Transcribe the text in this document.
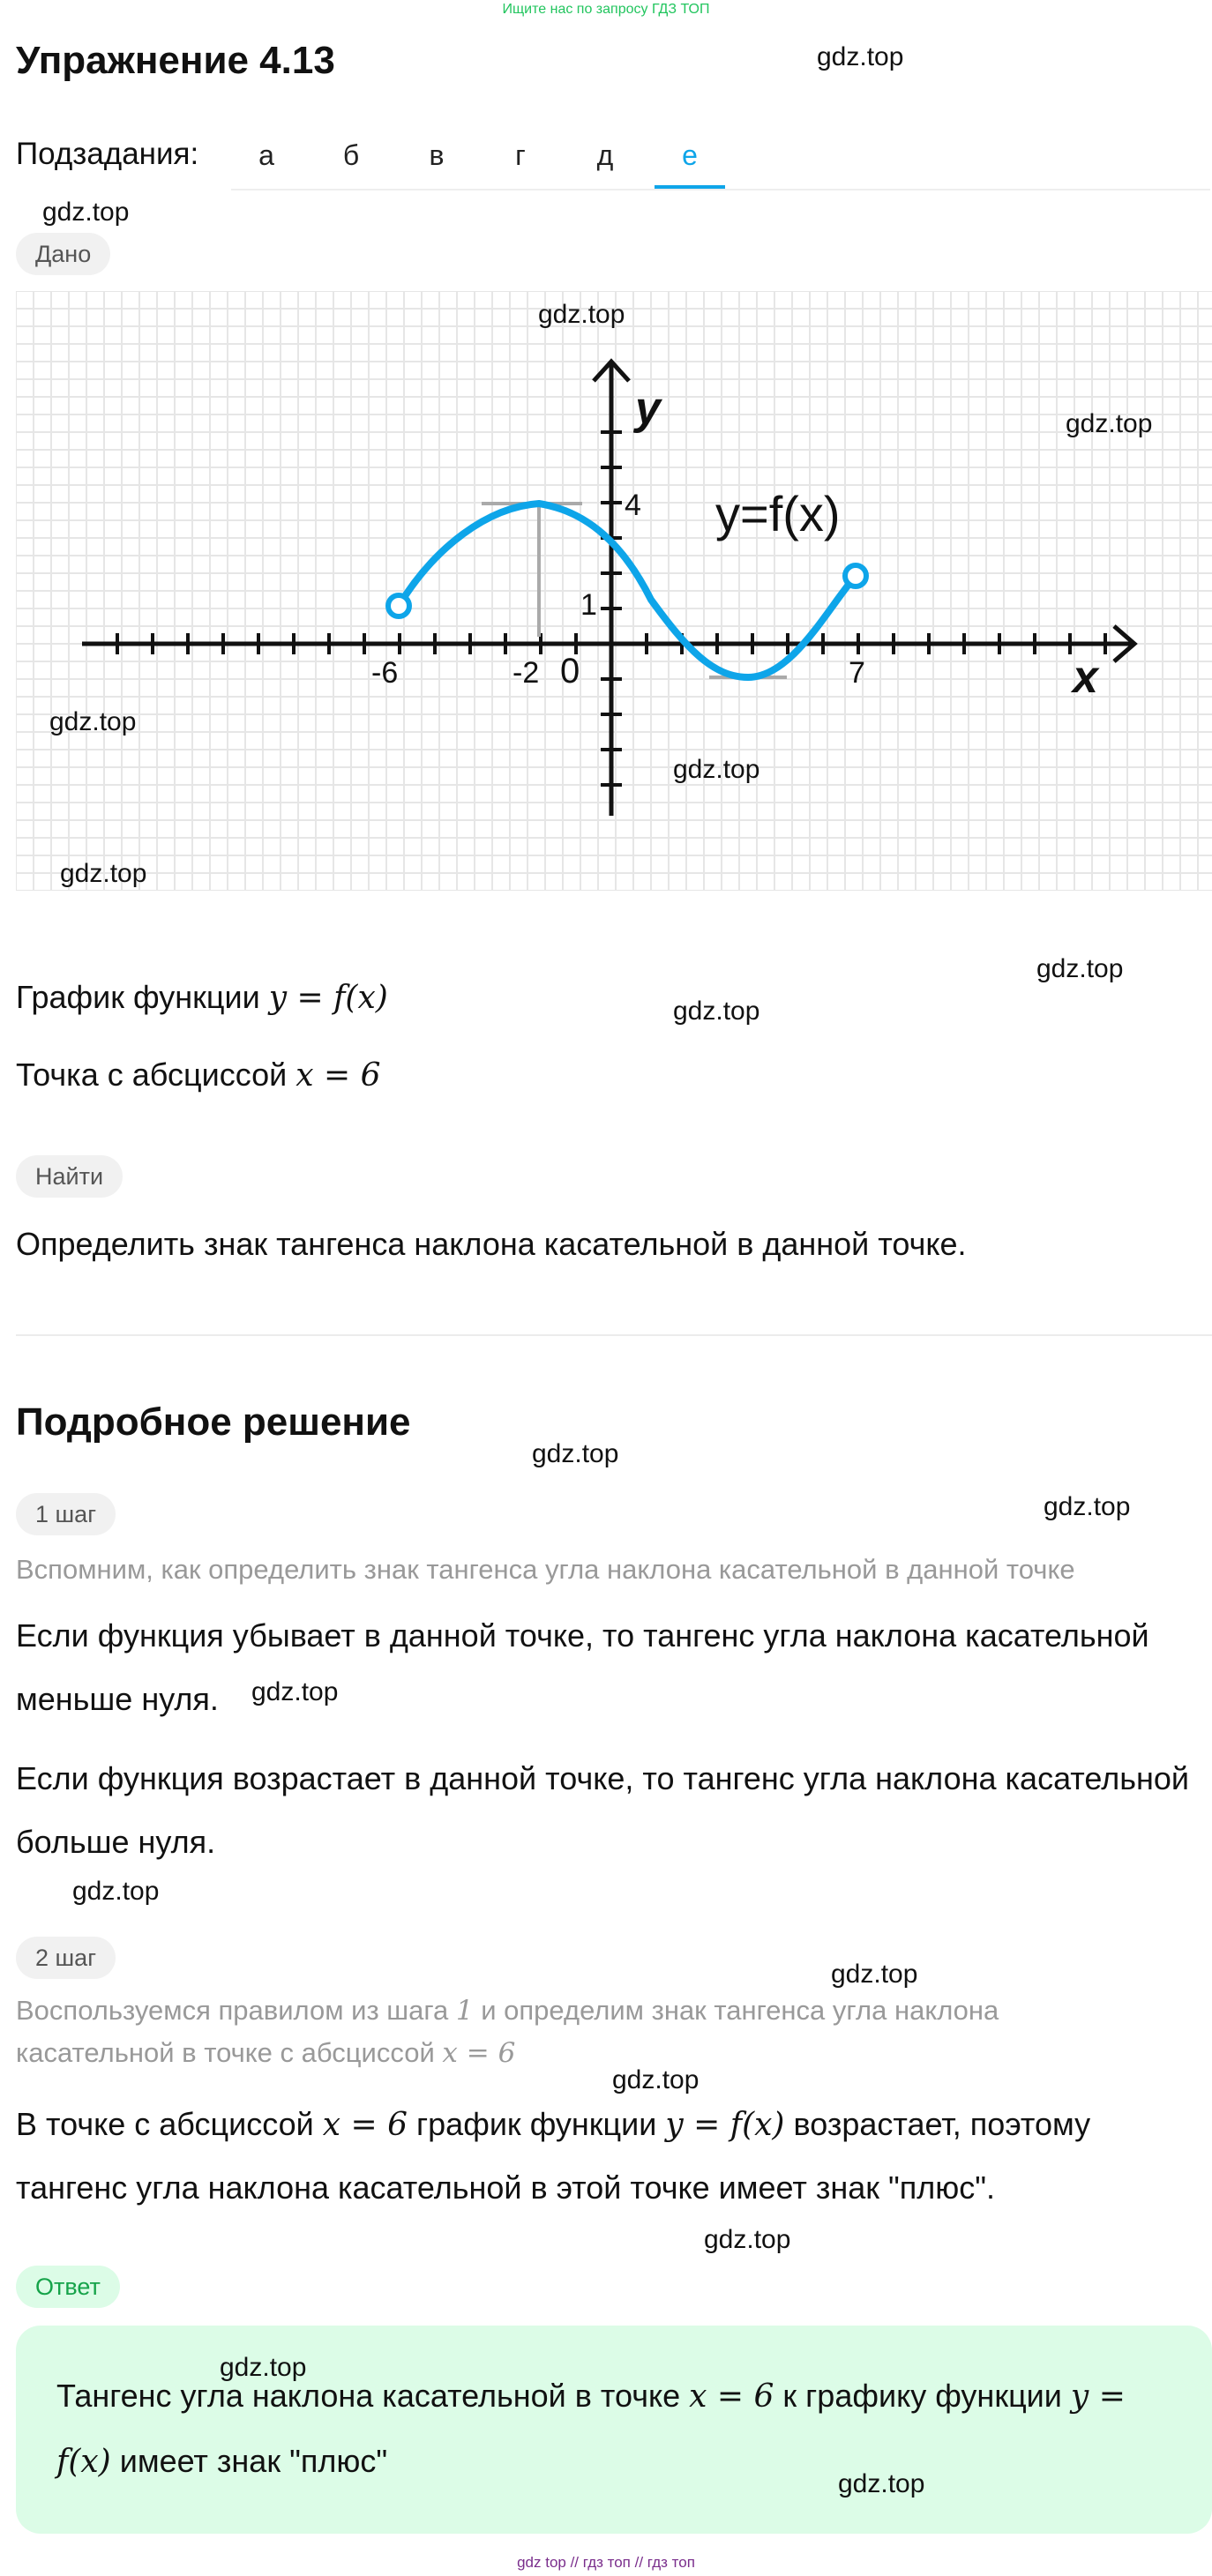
Ищите нас по запросу ГДЗ ТОП
Упражнение 4.13
Подзадания:	а	б	в	г	д	е
Дано
y=f(x)
y
x
0
-6	-2	7
4
1
График функции y = f(x)
Точка с абсциссой x = 6
Найти
Определить знак тангенса наклона касательной в данной точке.
Подробное решение
1 шаг
Вспомним, как определить знак тангенса угла наклона касательной в данной точке
Если функция убывает в данной точке, то тангенс угла наклона касательной
меньше нуля.
Если функция возрастает в данной точке, то тангенс угла наклона касательной
больше нуля.
2 шаг
Воспользуемся правилом из шага 1 и определим знак тангенса угла наклона
касательной в точке с абсциссой x = 6
В точке с абсциссой x = 6 график функции y = f(x) возрастает, поэтому
тангенс угла наклона касательной в этой точке имеет знак "плюс".
Ответ
Тангенс угла наклона касательной в точке x = 6 к графику функции y =
f(x) имеет знак "плюс"
gdz.top
gdz.top
gdz.top
gdz.top
gdz.top
gdz.top
gdz.top
gdz.top
gdz.top
gdz.top
gdz.top
gdz.top
gdz.top
gdz.top
gdz.top
gdz.top
gdz.top
gdz.top
gdz top // гдз топ // гдз топ
